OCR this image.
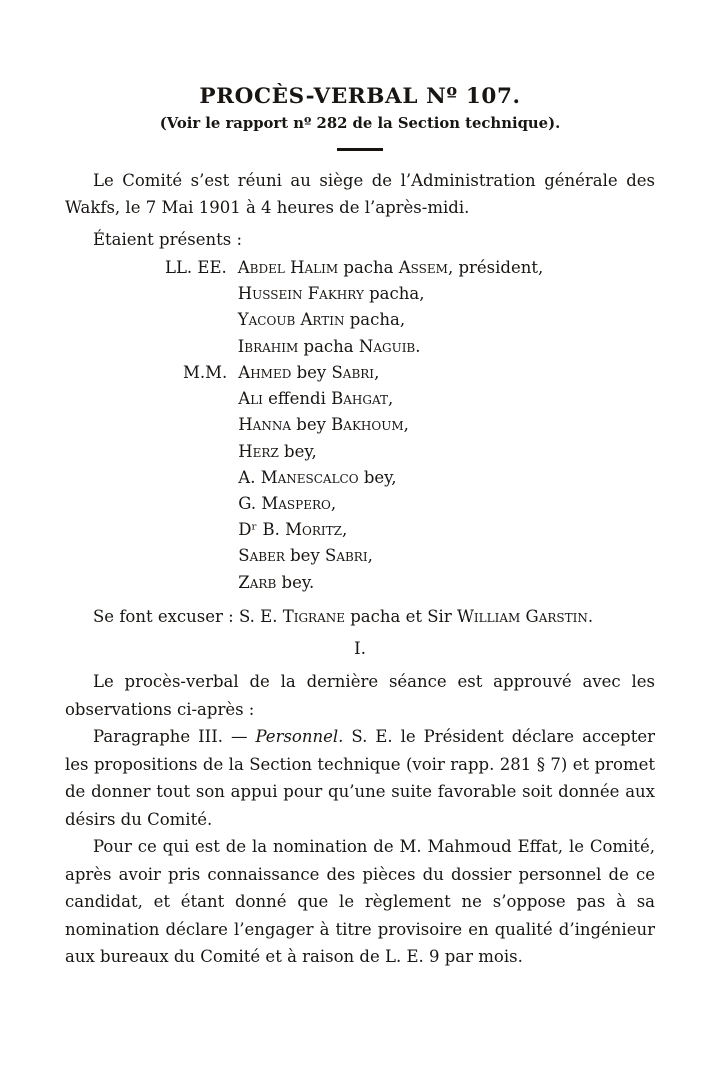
PROCÈS-VERBAL Nº 107.
(Voir le rapport nº 282 de la Section technique).

Le Comité s’est réuni au siège de l’Administration générale des Wakfs, le 7 Mai 1901 à 4 heures de l’après-midi.

Étaient présents :

LL. EE. Abdel Halim pacha Assem, président,
Hussein Fakhry pacha,
Yacoub Artin pacha,
Ibrahim pacha Naguib.
M.M. Ahmed bey Sabri,
Ali effendi Bahgat,
Hanna bey Bakhoum,
Herz bey,
A. Manescalco bey,
G. Maspero,
Dʳ B. Moritz,
Saber bey Sabri,
Zarb bey.

Se font excuser : S. E. Tigrane pacha et Sir William Garstin.

I.

Le procès-verbal de la dernière séance est approuvé avec les observations ci-après :

Paragraphe III. — Personnel. S. E. le Président déclare accepter les propositions de la Section technique (voir rapp. 281 § 7) et promet de donner tout son appui pour qu’une suite favorable soit donnée aux désirs du Comité.

Pour ce qui est de la nomination de M. Mahmoud Effat, le Comité, après avoir pris connaissance des pièces du dossier personnel de ce candidat, et étant donné que le règlement ne s’oppose pas à sa nomination déclare l’engager à titre provisoire en qualité d’ingénieur aux bureaux du Comité et à raison de L. E. 9 par mois.
